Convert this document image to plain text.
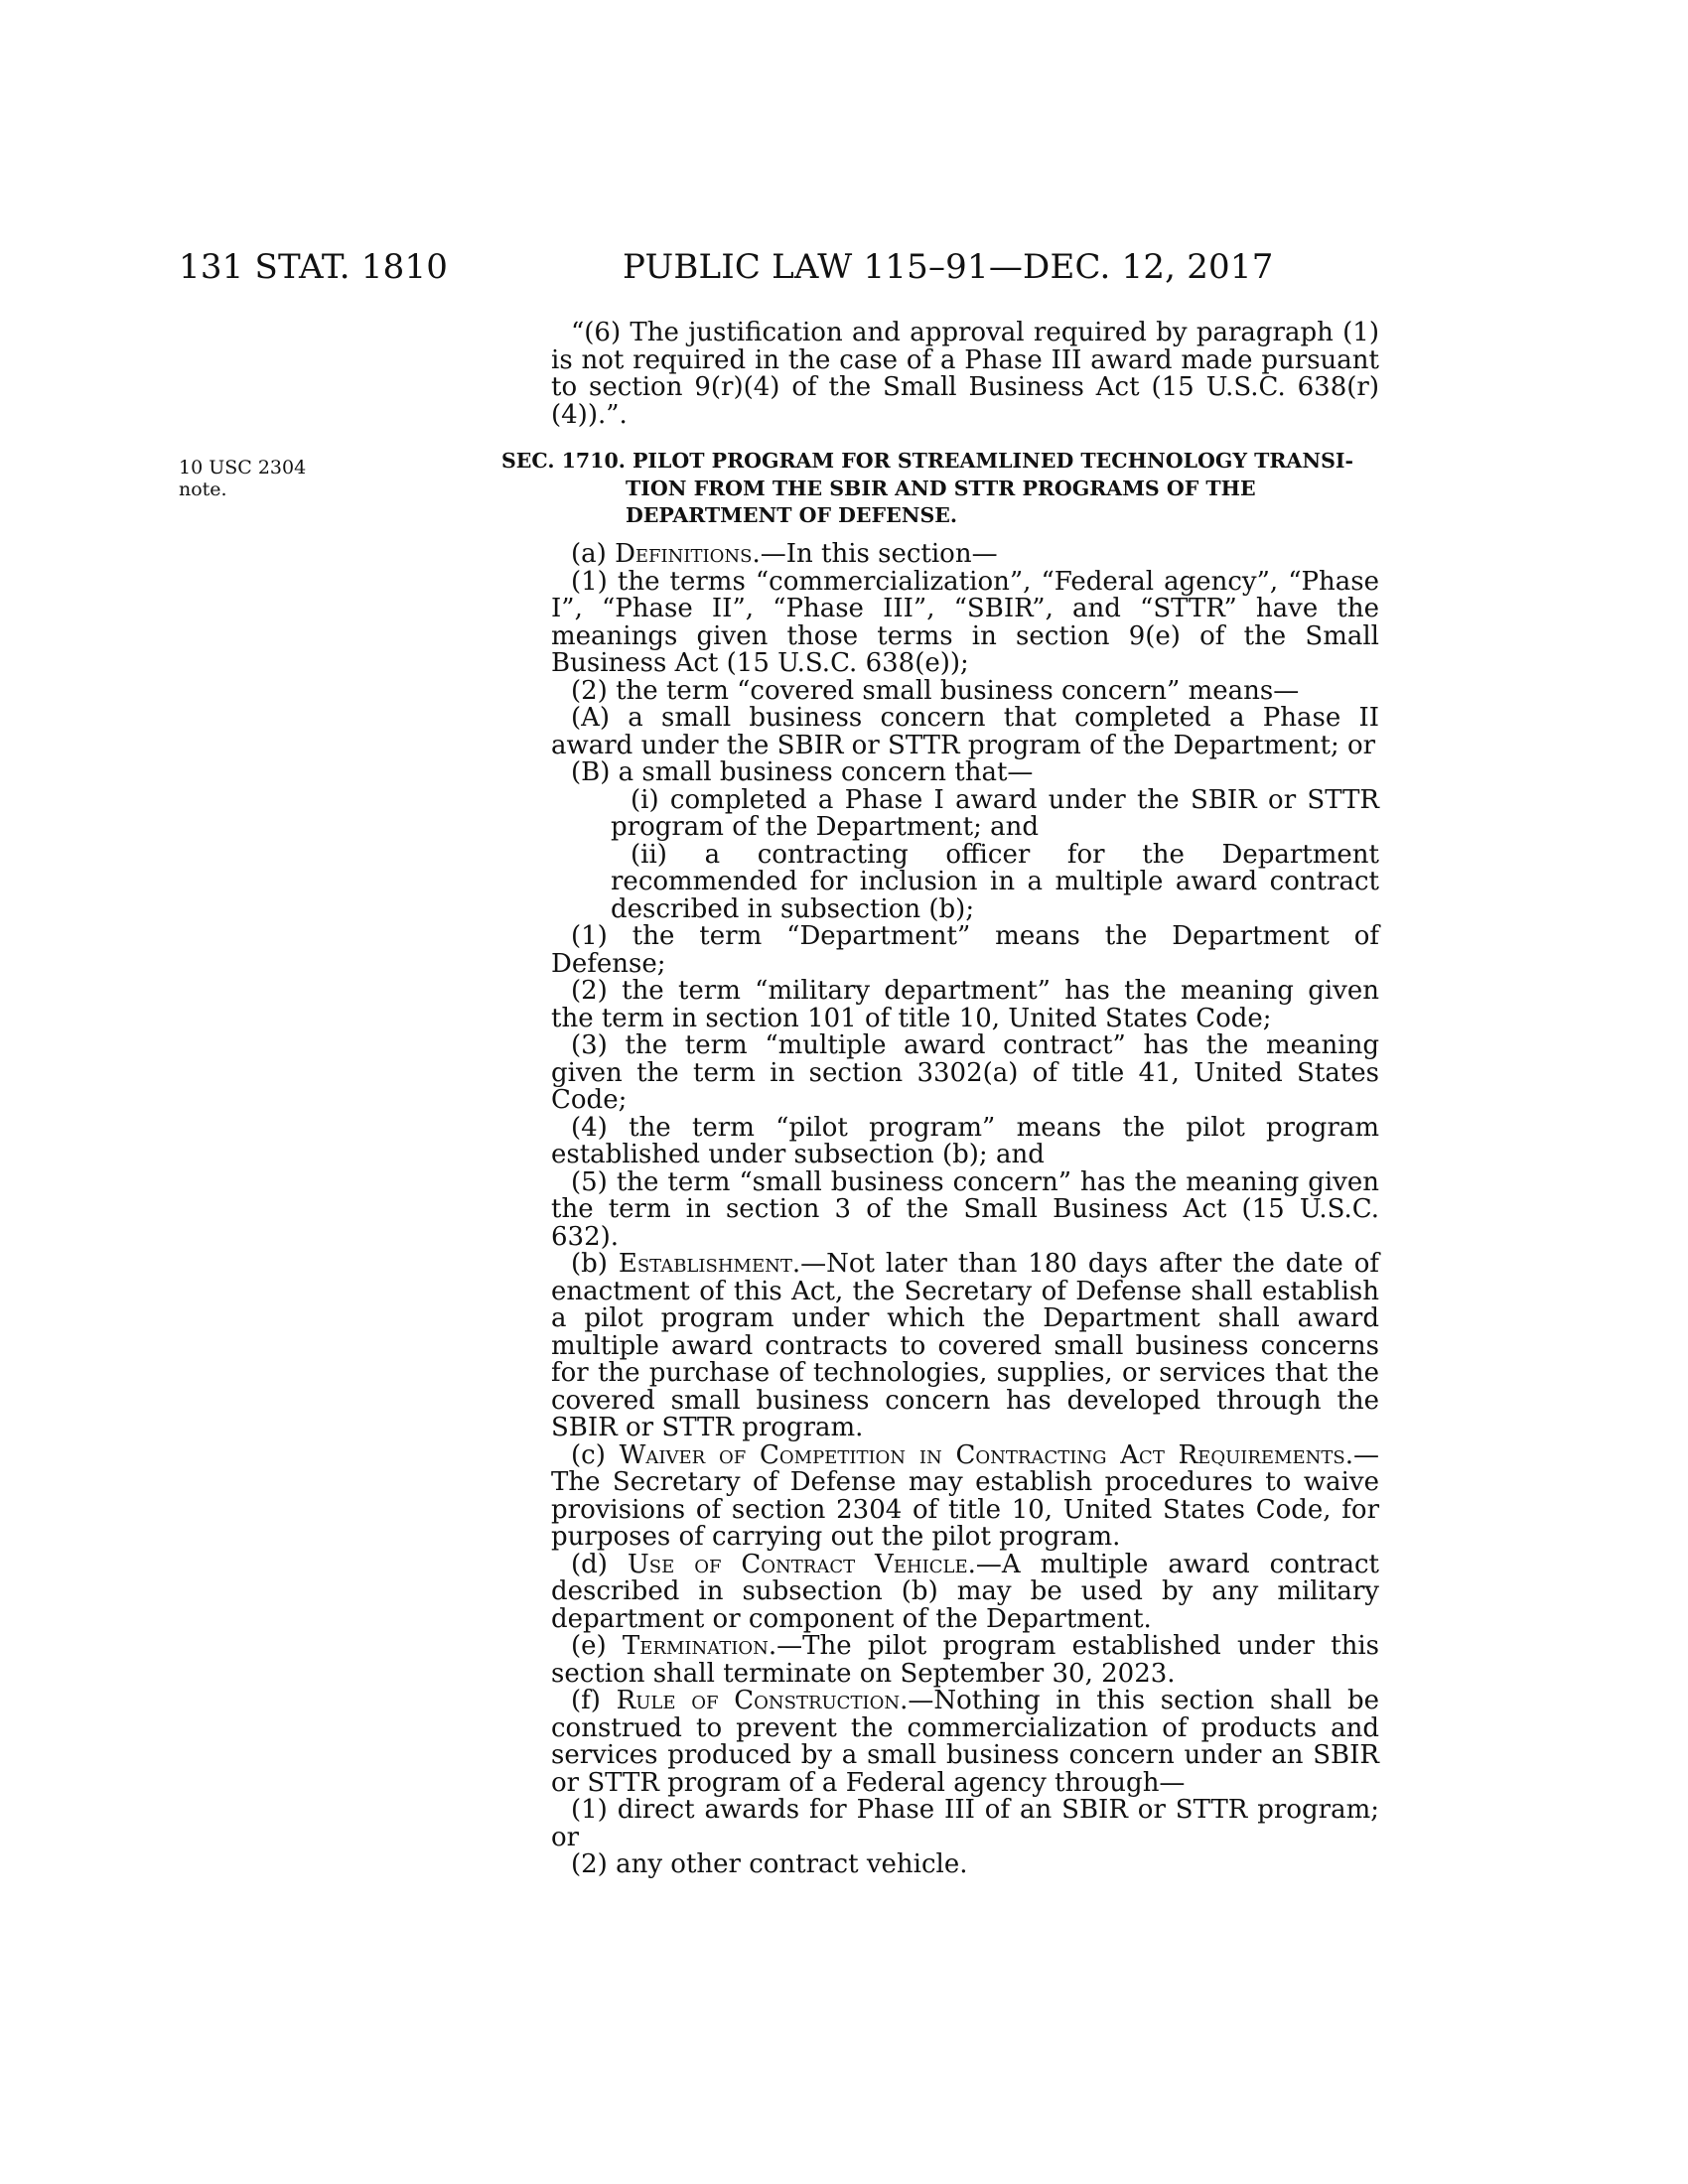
131 STAT. 1810	PUBLIC LAW 115–91—DEC. 12, 2017

“(6) The justification and approval required by paragraph (1) is not required in the case of a Phase III award made pursuant to section 9(r)(4) of the Small Business Act (15 U.S.C. 638(r)(4)).”.

10 USC 2304
note.
SEC. 1710. PILOT PROGRAM FOR STREAMLINED TECHNOLOGY TRANSI-
TION FROM THE SBIR AND STTR PROGRAMS OF THE
DEPARTMENT OF DEFENSE.

(a) Definitions.—In this section—

(1) the terms “commercialization”, “Federal agency”, “Phase I”, “Phase II”, “Phase III”, “SBIR”, and “STTR” have the meanings given those terms in section 9(e) of the Small Business Act (15 U.S.C. 638(e));

(2) the term “covered small business concern” means—

(A) a small business concern that completed a Phase II award under the SBIR or STTR program of the Department; or

(B) a small business concern that—

(i) completed a Phase I award under the SBIR or STTR program of the Department; and

(ii) a contracting officer for the Department recommended for inclusion in a multiple award contract described in subsection (b);

(1) the term “Department” means the Department of Defense;

(2) the term “military department” has the meaning given the term in section 101 of title 10, United States Code;

(3) the term “multiple award contract” has the meaning given the term in section 3302(a) of title 41, United States Code;

(4) the term “pilot program” means the pilot program established under subsection (b); and

(5) the term “small business concern” has the meaning given the term in section 3 of the Small Business Act (15 U.S.C. 632).

(b) Establishment.—Not later than 180 days after the date of enactment of this Act, the Secretary of Defense shall establish a pilot program under which the Department shall award multiple award contracts to covered small business concerns for the purchase of technologies, supplies, or services that the covered small business concern has developed through the SBIR or STTR program.

(c) Waiver of Competition in Contracting Act Requirements.—The Secretary of Defense may establish procedures to waive provisions of section 2304 of title 10, United States Code, for purposes of carrying out the pilot program.

(d) Use of Contract Vehicle.—A multiple award contract described in subsection (b) may be used by any military department or component of the Department.

(e) Termination.—The pilot program established under this section shall terminate on September 30, 2023.

(f) Rule of Construction.—Nothing in this section shall be construed to prevent the commercialization of products and services produced by a small business concern under an SBIR or STTR program of a Federal agency through—

(1) direct awards for Phase III of an SBIR or STTR program; or

(2) any other contract vehicle.
